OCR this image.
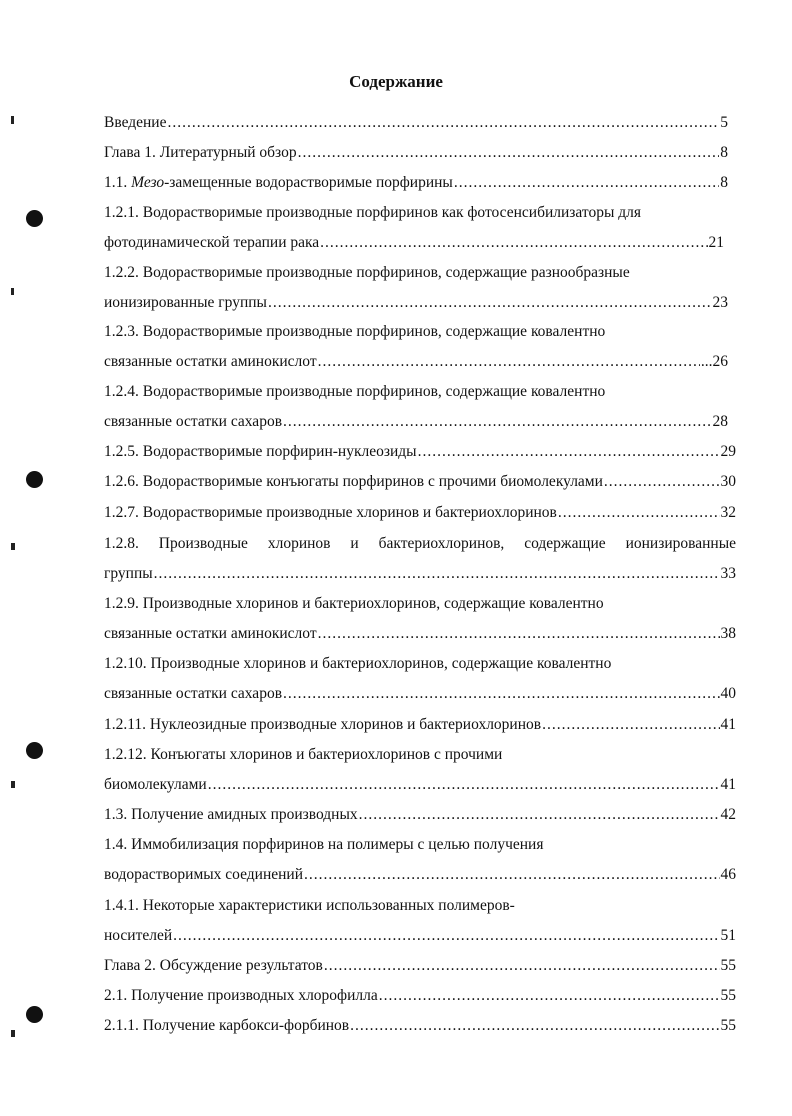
Содержание
Введение .....	5
Глава 1. Литературный обзор .....	8
1.1. Мезо-замещенные водорастворимые порфирины .....	8
1.2.1. Водорастворимые производные порфиринов как фотосенсибилизаторы для
фотодинамической терапии рака .....	21
1.2.2. Водорастворимые производные порфиринов, содержащие разнообразные
ионизированные группы .....	23
1.2.3. Водорастворимые производные порфиринов, содержащие ковалентно
связанные остатки аминокислот .....	...26
1.2.4. Водорастворимые производные порфиринов, содержащие ковалентно
связанные остатки сахаров .....	28
1.2.5. Водорастворимые порфирин-нуклеозиды .....	29
1.2.6. Водорастворимые конъюгаты порфиринов с прочими биомолекулами .....	30
1.2.7. Водорастворимые производные хлоринов и бактериохлоринов .....	32
1.2.8. Производные хлоринов и бактериохлоринов, содержащие ионизированные
группы .....	33
1.2.9. Производные хлоринов и бактериохлоринов, содержащие ковалентно
связанные остатки аминокислот .....	38
1.2.10. Производные хлоринов и бактериохлоринов, содержащие ковалентно
связанные остатки сахаров .....	40
1.2.11. Нуклеозидные производные хлоринов и бактериохлоринов .....	41
1.2.12. Конъюгаты хлоринов и бактериохлоринов с прочими
биомолекулами .....	41
1.3. Получение амидных производных .....	42
1.4. Иммобилизация порфиринов на полимеры с целью получения
водорастворимых соединений .....	46
1.4.1. Некоторые характеристики использованных полимеров-
носителей .....	51
Глава 2. Обсуждение результатов .....	55
2.1. Получение производных хлорофилла .....	55
2.1.1. Получение карбокси-форбинов .....	55
